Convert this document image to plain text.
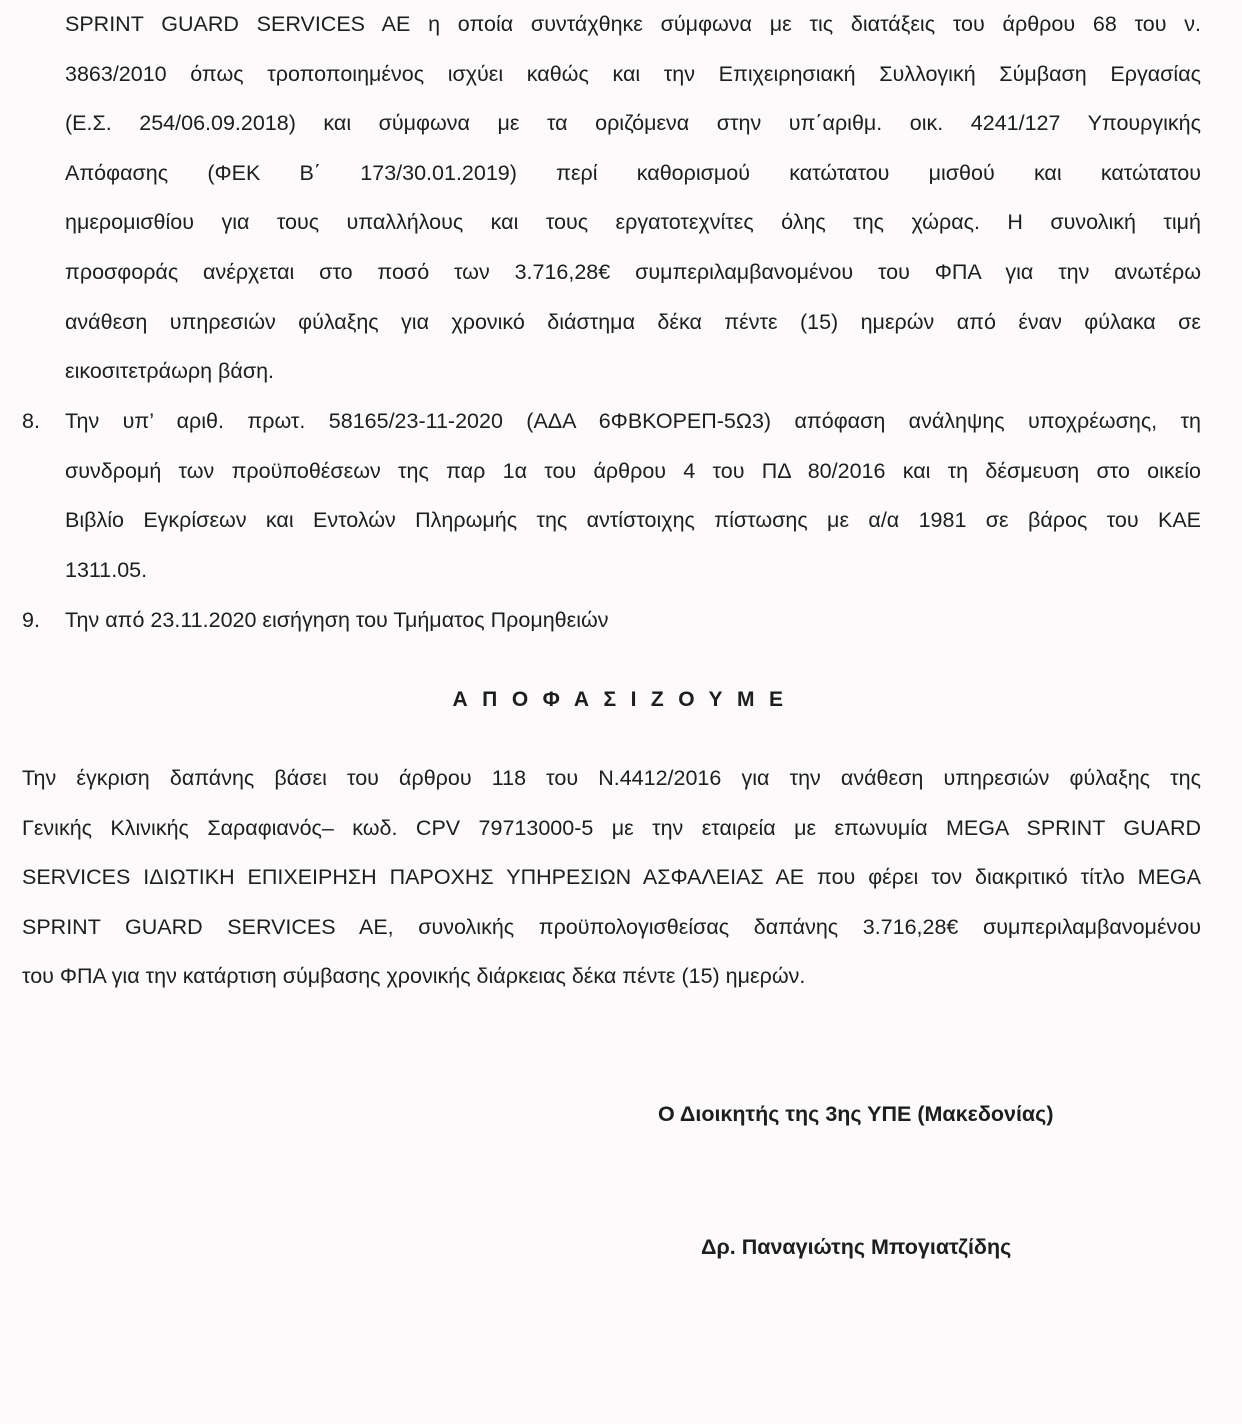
SPRINT GUARD SERVICES AE η οποία συντάχθηκε σύμφωνα με τις διατάξεις του άρθρου 68 του ν.
3863/2010 όπως τροποποιημένος ισχύει καθώς και την Επιχειρησιακή Συλλογική Σύμβαση Εργασίας
(Ε.Σ. 254/06.09.2018) και σύμφωνα με τα οριζόμενα στην υπ΄αριθμ. οικ. 4241/127 Υπουργικής
Απόφασης (ΦΕΚ Β΄ 173/30.01.2019) περί καθορισμού κατώτατου μισθού και κατώτατου
ημερομισθίου για τους υπαλλήλους και τους εργατοτεχνίτες όλης της χώρας. Η συνολική τιμή
προσφοράς ανέρχεται στο ποσό των 3.716,28€ συμπεριλαμβανομένου του ΦΠΑ για την ανωτέρω
ανάθεση υπηρεσιών φύλαξης για χρονικό διάστημα δέκα πέντε (15) ημερών από έναν φύλακα σε
εικοσιτετράωρη βάση.
8. Την υπ’ αριθ. πρωτ. 58165/23-11-2020 (ΑΔΑ 6ΦΒΚΟΡΕΠ-5Ω3) απόφαση ανάληψης υποχρέωσης, τη
συνδρομή των προϋποθέσεων της παρ 1α του άρθρου 4 του ΠΔ 80/2016 και τη δέσμευση στο οικείο
Βιβλίο Εγκρίσεων και Εντολών Πληρωμής της αντίστοιχης πίστωσης με α/α 1981 σε βάρος του ΚΑΕ
1311.05.
9. Την από 23.11.2020 εισήγηση του Τμήματος Προμηθειών
ΑΠΟΦΑΣΙΖΟΥΜΕ
Την έγκριση δαπάνης βάσει του άρθρου 118 του Ν.4412/2016 για την ανάθεση υπηρεσιών φύλαξης της
Γενικής Κλινικής Σαραφιανός– κωδ. CPV 79713000-5 με την εταιρεία με επωνυμία MEGA SPRINT GUARD
SERVICES ΙΔΙΩΤΙΚΗ ΕΠΙΧΕΙΡΗΣΗ ΠΑΡΟΧΗΣ ΥΠΗΡΕΣΙΩΝ ΑΣΦΑΛΕΙΑΣ ΑΕ που φέρει τον διακριτικό τίτλο MEGA
SPRINT GUARD SERVICES AE, συνολικής προϋπολογισθείσας δαπάνης 3.716,28€ συμπεριλαμβανομένου
του ΦΠΑ για την κατάρτιση σύμβασης χρονικής διάρκειας δέκα πέντε (15) ημερών.
Ο Διοικητής της 3ης ΥΠΕ (Μακεδονίας)
Δρ. Παναγιώτης Μπογιατζίδης
